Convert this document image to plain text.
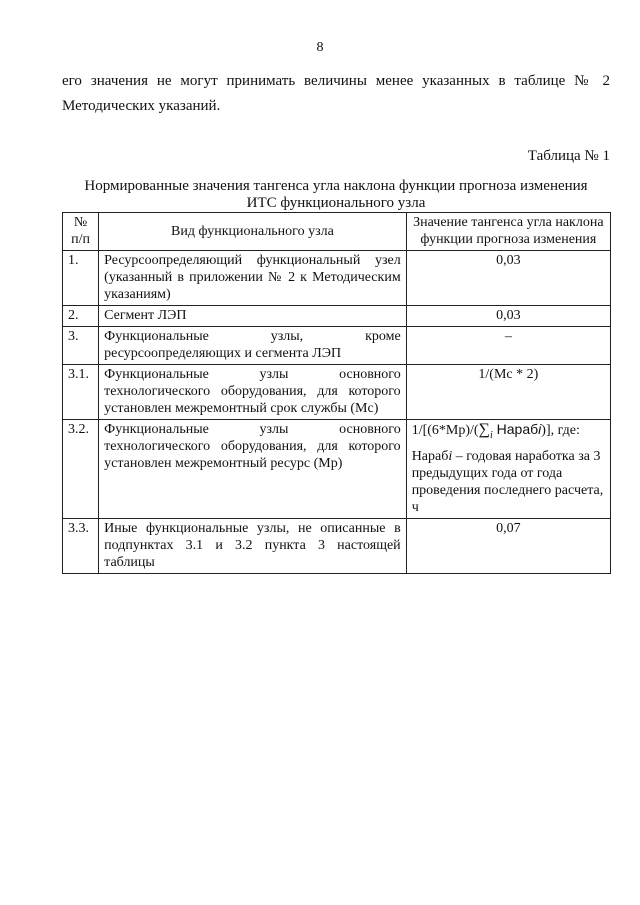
8
его значения не могут принимать величины менее указанных в таблице № 2
Методических указаний.
Таблица № 1
Нормированные значения тангенса угла наклона функции прогноза изменения
ИТС функционального узла
№ п/п	Вид функционального узла	Значение тангенса угла наклона функции прогноза изменения
1.	Ресурсоопределяющий функциональный узел (указанный в приложении № 2 к Методическим указаниям)	0,03
2.	Сегмент ЛЭП	0,03
3.	Функциональные узлы, кроме ресурсоопределяющих и сегмента ЛЭП	–
3.1.	Функциональные узлы основного технологического оборудования, для которого установлен межремонтный срок службы (Мс)	1/(Мс * 2)
3.2.	Функциональные узлы основного технологического оборудования, для которого установлен межремонтный ресурс (Мр)	$1/[(6*Мр)/(\sum_i$ Нарабi)], где:
Нарабi – годовая наработка за 3 предыдущих года от года проведения последнего расчета, ч

3.3.	Иные функциональные узлы, не описанные в подпунктах 3.1 и 3.2 пункта 3 настоящей таблицы	0,07
